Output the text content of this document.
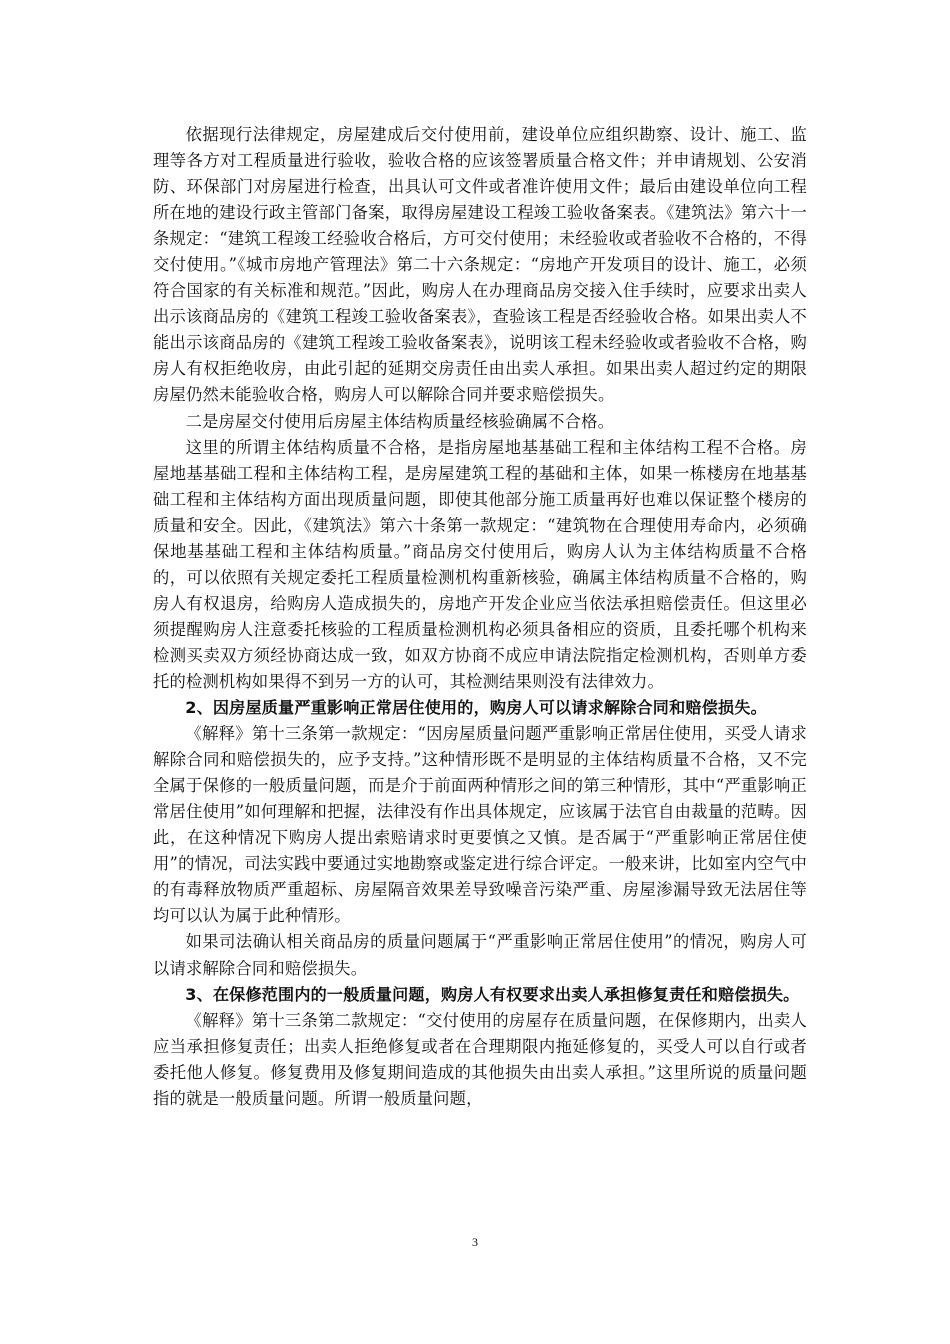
依据现行法律规定，房屋建成后交付使用前，建设单位应组织勘察、设计、施工、监理等各方对工程质量进行验收，验收合格的应该签署质量合格文件；并申请规划、公安消防、环保部门对房屋进行检查，出具认可文件或者准许使用文件；最后由建设单位向工程所在地的建设行政主管部门备案，取得房屋建设工程竣工验收备案表。《建筑法》第六十一条规定：“建筑工程竣工经验收合格后，方可交付使用；未经验收或者验收不合格的，不得交付使用。”《城市房地产管理法》第二十六条规定：“房地产开发项目的设计、施工，必须符合国家的有关标准和规范。”因此，购房人在办理商品房交接入住手续时，应要求出卖人出示该商品房的《建筑工程竣工验收备案表》，查验该工程是否经验收合格。如果出卖人不能出示该商品房的《建筑工程竣工验收备案表》，说明该工程未经验收或者验收不合格，购房人有权拒绝收房，由此引起的延期交房责任由出卖人承担。如果出卖人超过约定的期限房屋仍然未能验收合格，购房人可以解除合同并要求赔偿损失。

二是房屋交付使用后房屋主体结构质量经核验确属不合格。

这里的所谓主体结构质量不合格，是指房屋地基基础工程和主体结构工程不合格。房屋地基基础工程和主体结构工程，是房屋建筑工程的基础和主体，如果一栋楼房在地基基础工程和主体结构方面出现质量问题，即使其他部分施工质量再好也难以保证整个楼房的质量和安全。因此，《建筑法》第六十条第一款规定：“建筑物在合理使用寿命内，必须确保地基基础工程和主体结构质量。”商品房交付使用后，购房人认为主体结构质量不合格的，可以依照有关规定委托工程质量检测机构重新核验，确属主体结构质量不合格的，购房人有权退房，给购房人造成损失的，房地产开发企业应当依法承担赔偿责任。但这里必须提醒购房人注意委托核验的工程质量检测机构必须具备相应的资质，且委托哪个机构来检测买卖双方须经协商达成一致，如双方协商不成应申请法院指定检测机构，否则单方委托的检测机构如果得不到另一方的认可，其检测结果则没有法律效力。

2、因房屋质量严重影响正常居住使用的，购房人可以请求解除合同和赔偿损失。

《解释》第十三条第一款规定：“因房屋质量问题严重影响正常居住使用，买受人请求解除合同和赔偿损失的，应予支持。”这种情形既不是明显的主体结构质量不合格，又不完全属于保修的一般质量问题，而是介于前面两种情形之间的第三种情形，其中“严重影响正常居住使用”如何理解和把握，法律没有作出具体规定，应该属于法官自由裁量的范畴。因此，在这种情况下购房人提出索赔请求时更要慎之又慎。是否属于“严重影响正常居住使用”的情况，司法实践中要通过实地勘察或鉴定进行综合评定。一般来讲，比如室内空气中的有毒释放物质严重超标、房屋隔音效果差导致噪音污染严重、房屋渗漏导致无法居住等均可以认为属于此种情形。

如果司法确认相关商品房的质量问题属于“严重影响正常居住使用”的情况，购房人可以请求解除合同和赔偿损失。

3、在保修范围内的一般质量问题，购房人有权要求出卖人承担修复责任和赔偿损失。

《解释》第十三条第二款规定：“交付使用的房屋存在质量问题，在保修期内，出卖人应当承担修复责任；出卖人拒绝修复或者在合理期限内拖延修复的，买受人可以自行或者委托他人修复。修复费用及修复期间造成的其他损失由出卖人承担。”这里所说的质量问题指的就是一般质量问题。所谓一般质量问题，

3
